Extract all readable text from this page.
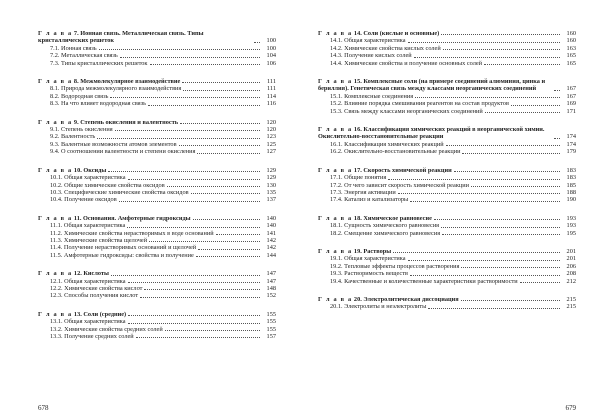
Г л а в а 7. Ионная связь. Металлическая связь. Типы кристаллических решеток	100
7.1. Ионная связь	100
7.2. Металлическая связь	104
7.3. Типы кристаллических решеток	106
Г л а в а 8. Межмолекулярное взаимодействие	111
8.1. Природа межмолекулярного взаимодействия	111
8.2. Водородная связь	114
8.3. На что влияет водородная связь	116
Г л а в а 9. Степень окисления и валентность	120
9.1. Степень окисления	120
9.2. Валентность	123
9.3. Валентные возможности атомов элементов	125
9.4. О соотношении валентности и степени окисления	127
Г л а в а 10. Оксиды	129
10.1. Общая характеристика	129
10.2. Общие химические свойства оксидов	130
10.3. Специфические химические свойства оксидов	135
10.4. Получение оксидов	137
Г л а в а 11. Основания. Амфотерные гидроксиды	140
11.1. Общая характеристика	140
11.2. Химические свойства нерастворимых в воде оснований	141
11.3. Химические свойства щелочей	142
11.4. Получение нерастворимых оснований и щелочей	142
11.5. Амфотерные гидроксиды: свойства и получение	144
Г л а в а 12. Кислоты	147
12.1. Общая характеристика	147
12.2. Химические свойства кислот	148
12.3. Способы получения кислот	152
Г л а в а 13. Соли (средние)	155
13.1. Общая характеристика	155
13.2. Химические свойства средних солей	155
13.3. Получение средних солей	157
678
Г л а в а 14. Соли (кислые и основные)	160
14.1. Общая характеристика	160
14.2. Химические свойства кислых солей	163
14.3. Получение кислых солей	165
14.4. Химические свойства и получение основных солей	165
Г л а в а 15. Комплексные соли (на примере соединений алюминия, цинка и бериллия). Генетическая связь между классами неорганических соединений	167
15.1. Комплексные соединения	167
15.2. Влияние порядка смешивания реагентов на состав продуктов	169
15.3. Связь между классами неорганических соединений	171
Г л а в а 16. Классификация химических реакций в неорганической химии. Окислительно-восстановительные реакции	174
16.1. Классификация химических реакций	174
16.2. Окислительно-восстановительные реакции	179
Г л а в а 17. Скорость химической реакции	183
17.1. Общие понятия	183
17.2. От чего зависит скорость химической реакции	185
17.3. Энергия активации	188
17.4. Катализ и катализаторы	190
Г л а в а 18. Химическое равновесие	193
18.1. Сущность химического равновесия	193
18.2. Смещение химического равновесия	195
Г л а в а 19. Растворы	201
19.1. Общая характеристика	201
19.2. Тепловые эффекты процессов растворения	206
19.3. Растворимость веществ	208
19.4. Качественные и количественные характеристики растворимости	212
Г л а в а 20. Электролитическая диссоциация	215
20.1. Электролиты и неэлектролиты	215
679
